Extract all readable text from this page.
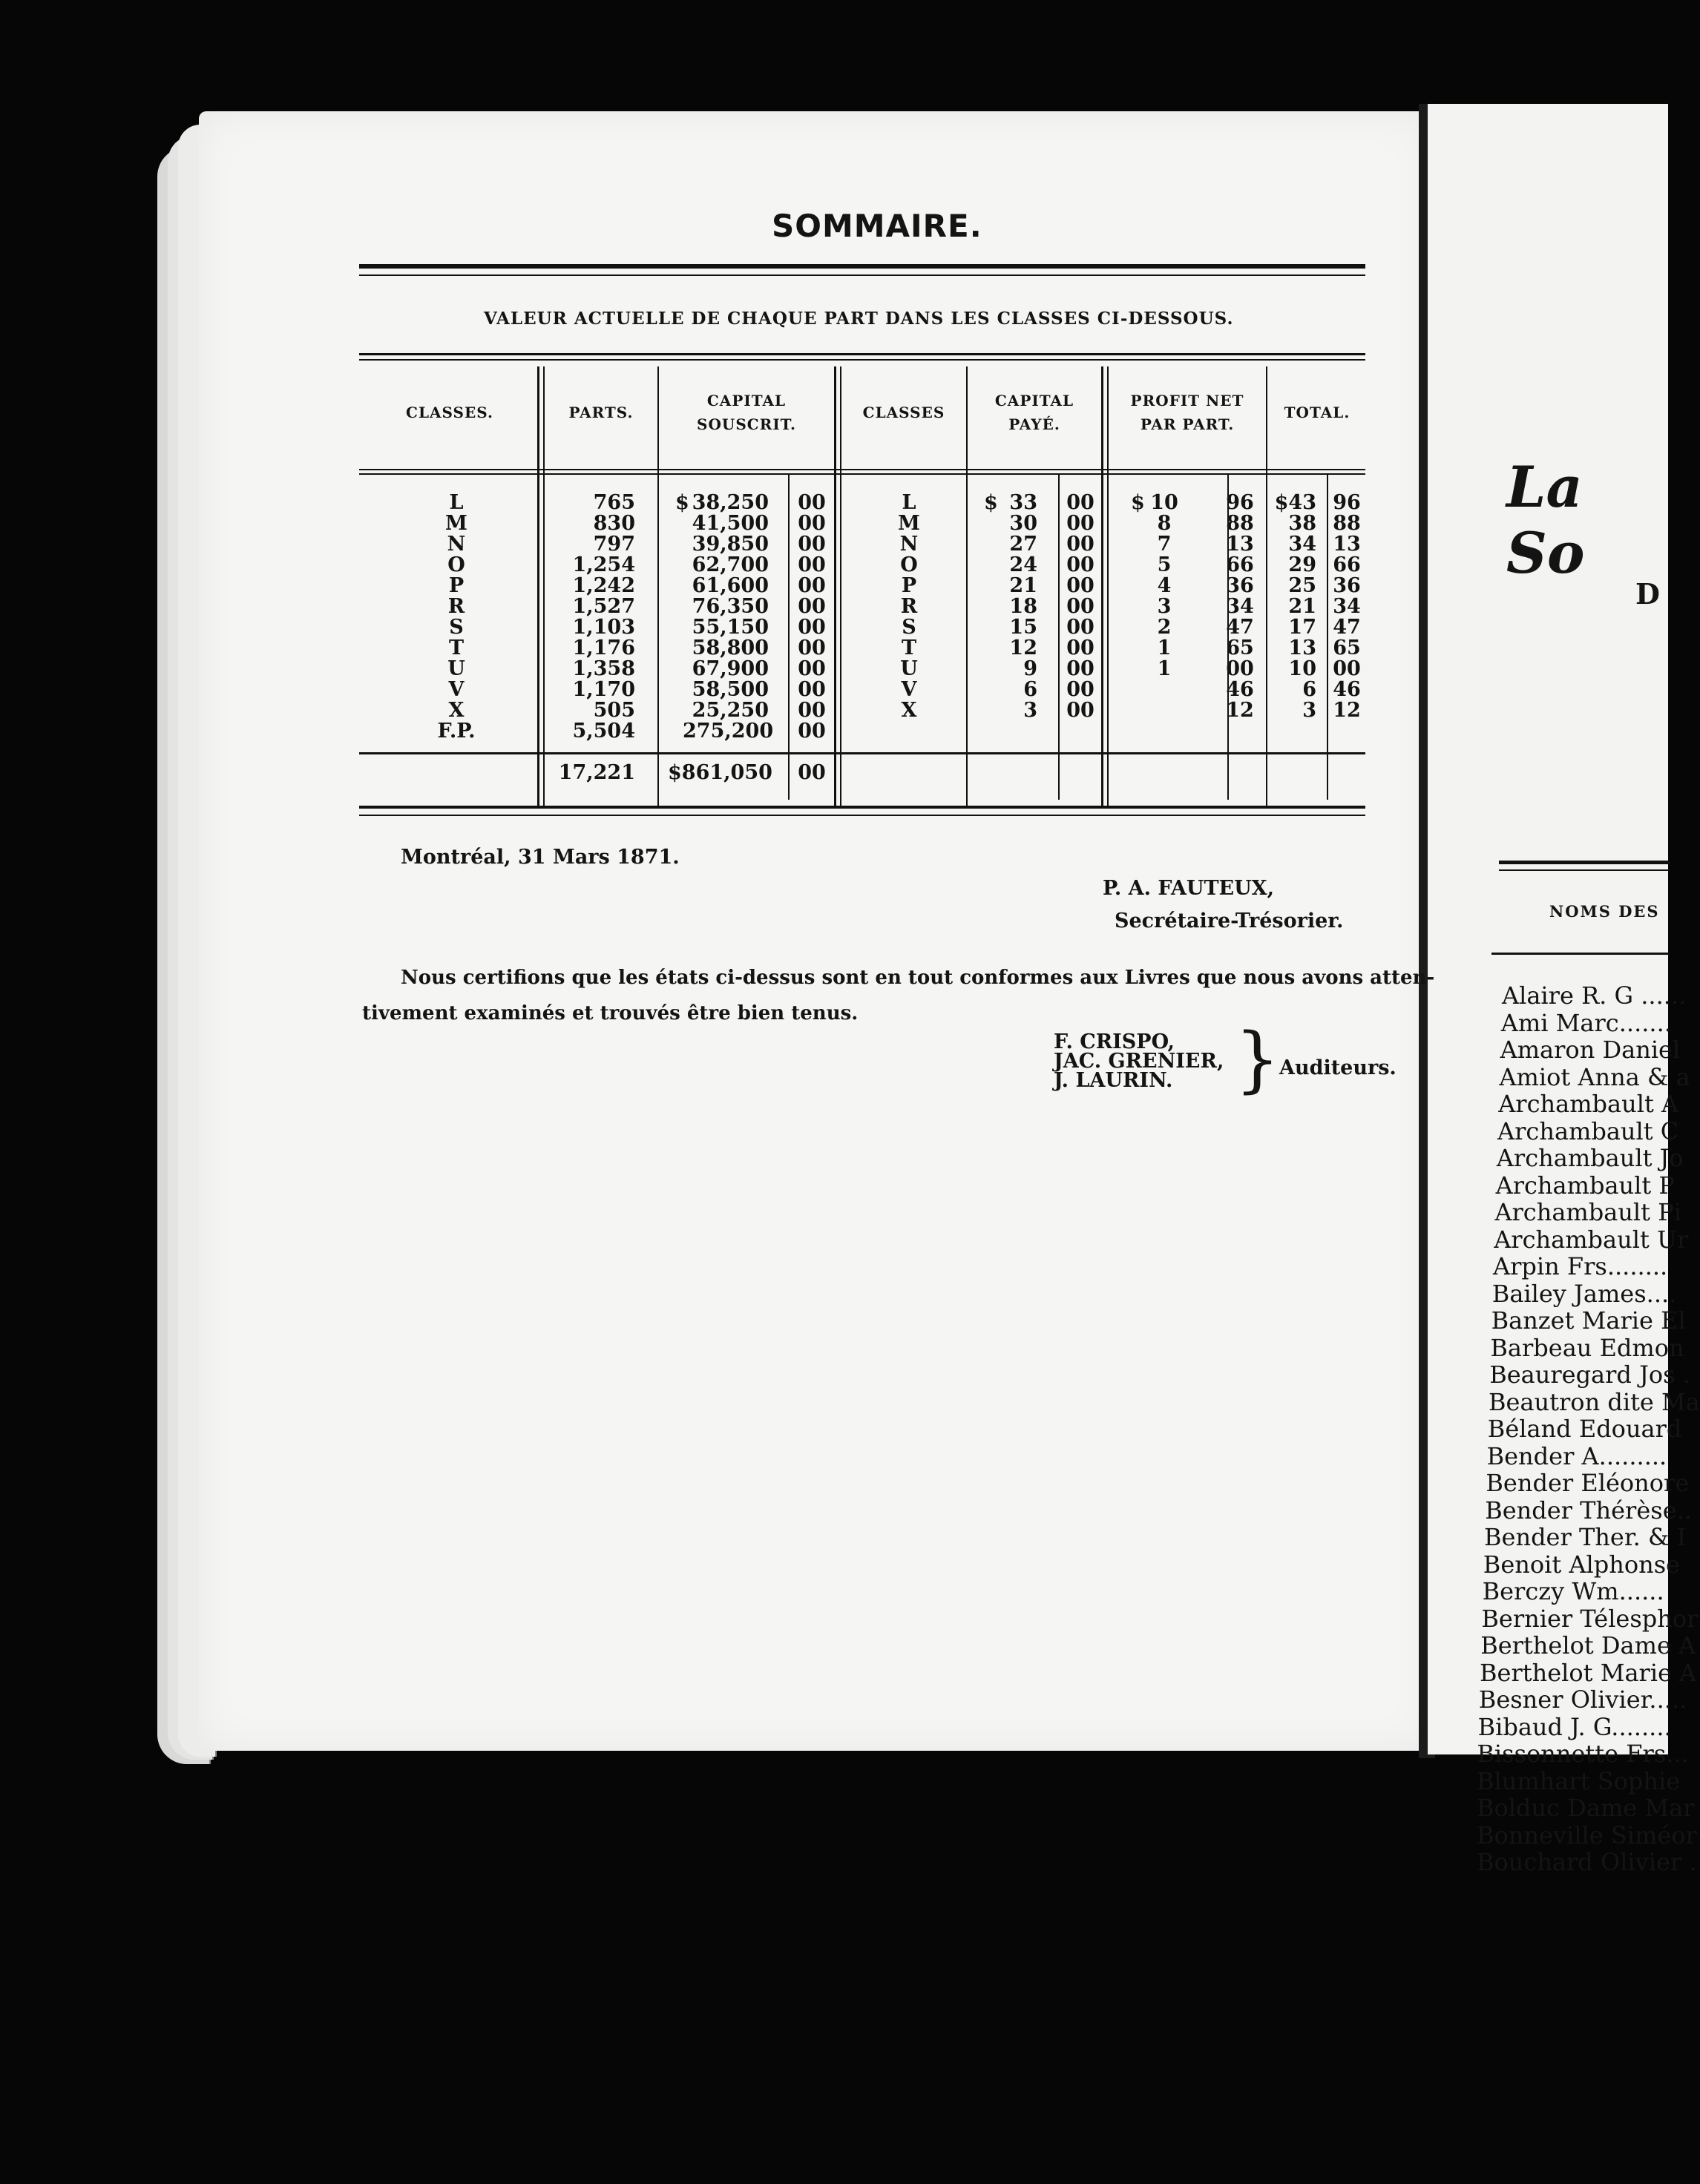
SOMMAIRE.
VALEUR ACTUELLE DE CHAQUE PART DANS LES CLASSES CI-DESSOUS.
CLASSES.	PARTS.
CAPITAL
SOUSCRIT.
CLASSES
CAPITAL
PAYÉ.
PROFIT NET
PAR PART.
TOTAL.
L
M
N
O
P
R
S
T
U
V
X
F.P.
765
830
797
1,254
1,242
1,527
1,103
1,176
1,358
1,170
505
5,504
$ 38,250
41,500
39,850
62,700
61,600
76,350
55,150
58,800
67,900
58,500
25,250
275,200
00
00
00
00
00
00
00
00
00
00
00
00
L
M
N
O
P
R
S
T
U
V
X
$ 33
30
27
24
21
18
15
12
9
6
3
00
00
00
00
00
00
00
00
00
00
00
$ 10
8
7
5
4
3
2
1
1
96
88
13
66
36
34
47
65
00
46
12
$43
38
34
29
25
21
17
13
10
6
3
96
88
13
66
36
34
47
65
00
46
12
17,221 $861,050	00
Montréal, 31 Mars 1871.
P. A. FAUTEUX,
Secrétaire-Trésorier.
Nous certifions que les états ci-dessus sont en tout conformes aux Livres que nous avons atten-
tivement examinés et trouvés être bien tenus.
F. CRISPO,
JAC. GRENIER,
J. LAURIN. }
Auditeurs.
La So
D
NOMS DES
Alaire R. G ......
Ami Marc.......
Amaron Daniel
Amiot Anna & a
Archambault A
Archambault C
Archambault Jo
Archambault P
Archambault Pi
Archambault Ur
Arpin Frs........
Bailey James....
Banzet Marie El
Barbeau Edmon
Beauregard Jos .
Beautron dite Ma
Béland Edouard
Bender A.........
Bender Eléonore
Bender Thérèse..
Bender Ther. & I
Benoit Alphonse
Berczy Wm......
Bernier Télesphor
Berthelot Dame A
Berthelot Marie A
Besner Olivier.....
Bibaud J. G........
Bissonnette Frs...
Blumhart Sophie
Bolduc Dame Mar
Bonneville Siméor
Bouchard Olivier .
